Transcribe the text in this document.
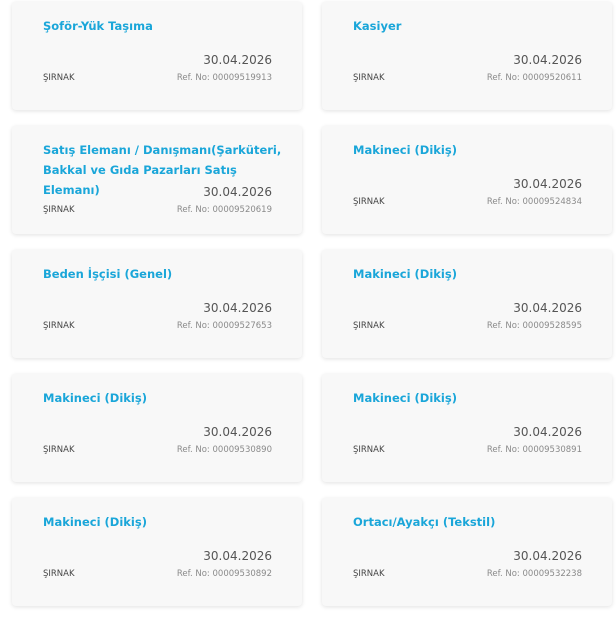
Şoför-Yük Taşıma
30.04.2026
ŞIRNAK	Ref. No: 00009519913
Kasiyer
30.04.2026
ŞIRNAK	Ref. No: 00009520611
Satış Elemanı / Danışmanı(Şarküteri, Bakkal ve Gıda Pazarları Satış Elemanı)	30.04.2026
ŞIRNAK	Ref. No: 00009520619
Makineci (Dikiş)
30.04.2026
ŞIRNAK	Ref. No: 00009524834
Beden İşçisi (Genel)
30.04.2026
ŞIRNAK	Ref. No: 00009527653
Makineci (Dikiş)
30.04.2026
ŞIRNAK	Ref. No: 00009528595
Makineci (Dikiş)
30.04.2026
ŞIRNAK	Ref. No: 00009530890
Makineci (Dikiş)
30.04.2026
ŞIRNAK	Ref. No: 00009530891
Makineci (Dikiş)
30.04.2026
ŞIRNAK	Ref. No: 00009530892
Ortacı/Ayakçı (Tekstil)
30.04.2026
ŞIRNAK	Ref. No: 00009532238
